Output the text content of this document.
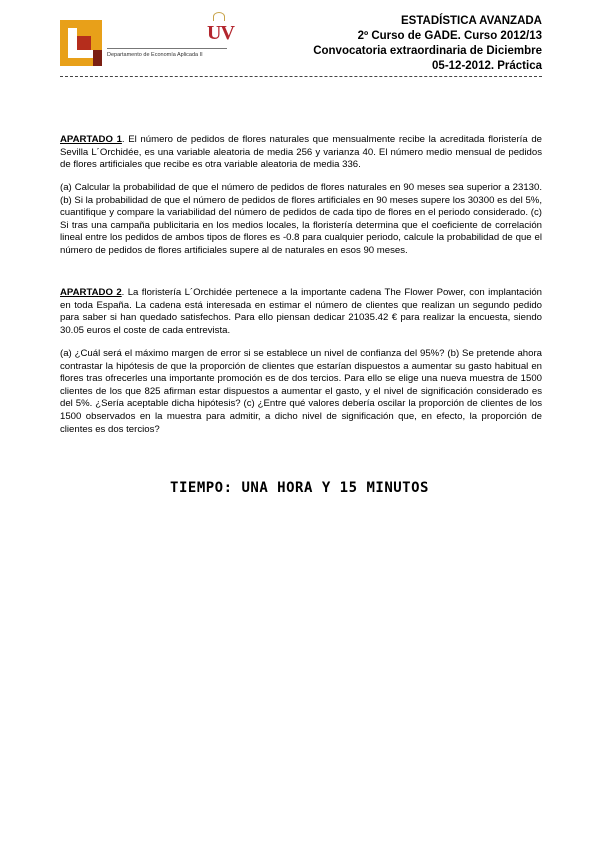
UV
Departamento de Economía Aplicada II
ESTADÍSTICA AVANZADA
2º Curso de GADE. Curso 2012/13
Convocatoria extraordinaria de Diciembre
05-12-2012. Práctica
APARTADO 1. El número de pedidos de flores naturales que mensualmente recibe la acreditada floristería de Sevilla L´Orchidée, es una variable aleatoria de media 256 y varianza 40. El número medio mensual de pedidos de flores artificiales que recibe es otra variable aleatoria de media 336.
(a) Calcular la probabilidad de que el número de pedidos de flores naturales en 90 meses sea superior a 23130. (b) Si la probabilidad de que el número de pedidos de flores artificiales en 90 meses supere los 30300 es del 5%, cuantifique y compare la variabilidad del número de pedidos de cada tipo de flores en el periodo considerado. (c) Si tras una campaña publicitaria en los medios locales, la floristería determina que el coeficiente de correlación lineal entre los pedidos de ambos tipos de flores es -0.8 para cualquier periodo, calcule la probabilidad de que el número de pedidos de flores artificiales supere al de naturales en esos 90 meses.
APARTADO 2. La floristería L´Orchidée pertenece a la importante cadena The Flower Power, con implantación en toda España. La cadena está interesada en estimar el número de clientes que realizan un segundo pedido para saber si han quedado satisfechos. Para ello piensan dedicar 21035.42 € para realizar la encuesta, siendo 30.05 euros el coste de cada entrevista.
(a) ¿Cuál será el máximo margen de error si se establece un nivel de confianza del 95%? (b) Se pretende ahora contrastar la hipótesis de que la proporción de clientes que estarían dispuestos a aumentar su gasto habitual en flores tras ofrecerles una importante promoción es de dos tercios. Para ello se elige una nueva muestra de 1500 clientes de los que 825 afirman estar dispuestos a aumentar el gasto, y el nivel de significación considerado es del 5%. ¿Sería aceptable dicha hipótesis? (c) ¿Entre qué valores debería oscilar la proporción de clientes de los 1500 observados en la muestra para admitir, a dicho nivel de significación que, en efecto, la proporción de clientes es dos tercios?
TIEMPO: UNA HORA Y 15 MINUTOS
